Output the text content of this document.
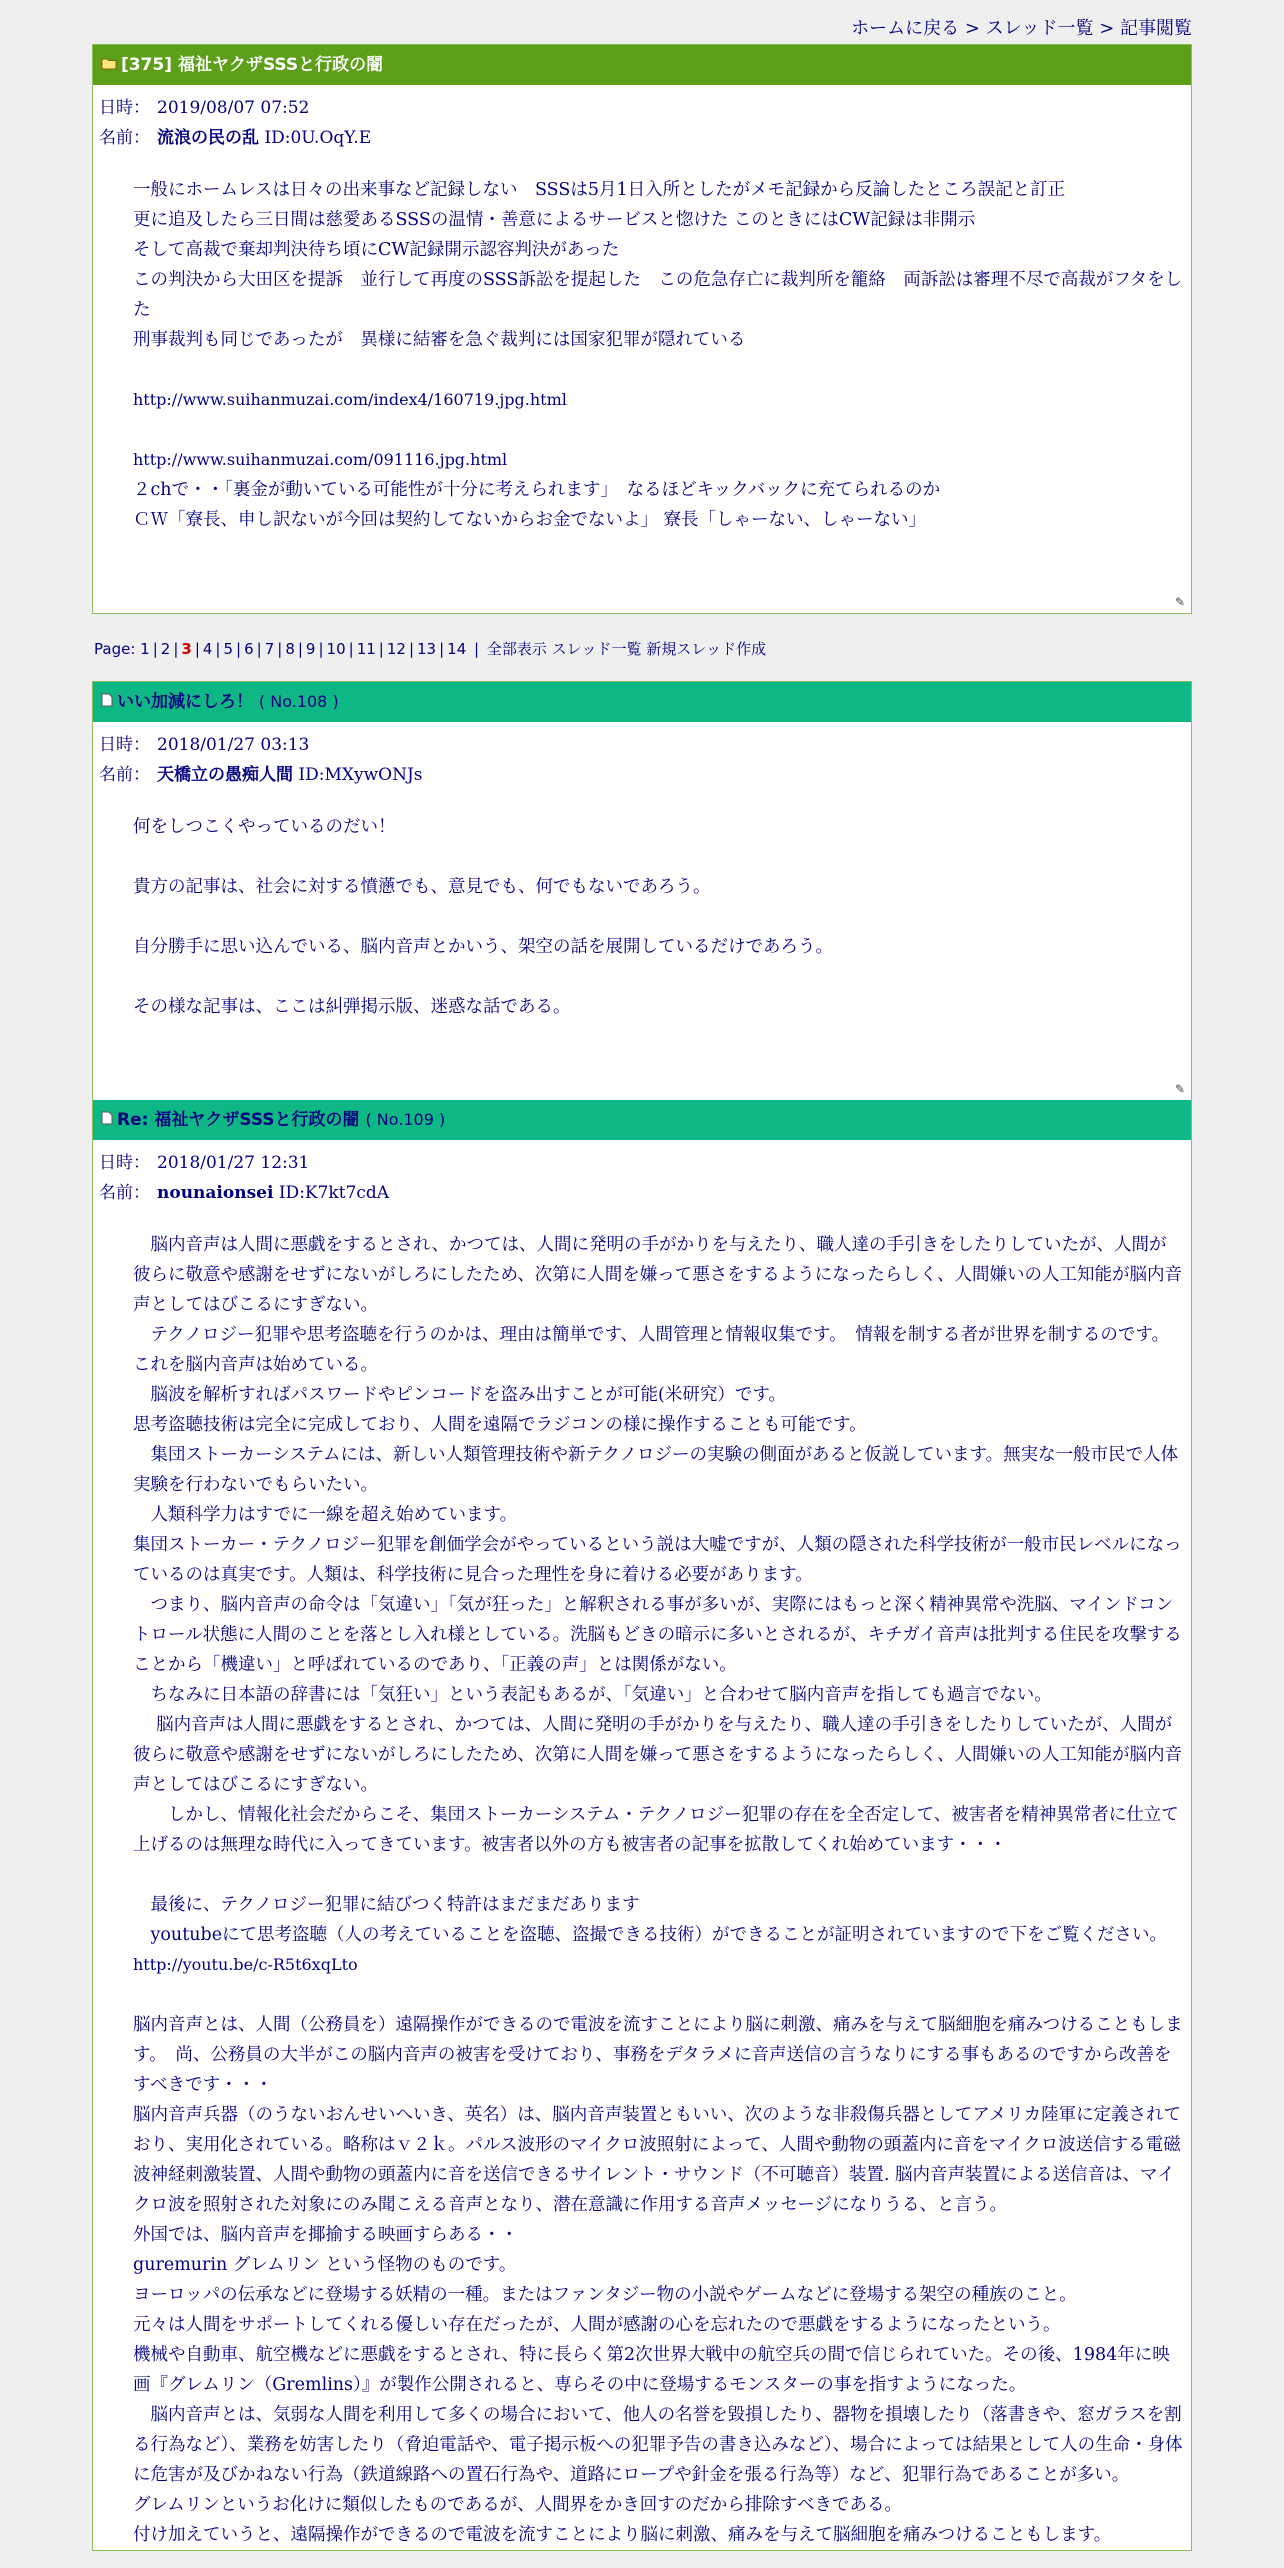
ホームに戻る > スレッド一覧 > 記事閲覧
[375] 福祉ヤクザSSSと行政の闇
日時： 2019/08/07 07:52
名前： 流浪の民の乱 ID:0U.OqY.E

一般にホームレスは日々の出来事など記録しない　SSSは5月1日入所としたがメモ記録から反論したところ誤記と訂正

更に追及したら三日間は慈愛あるSSSの温情・善意によるサービスと惚けた このときにはCW記録は非開示

そして高裁で棄却判決待ち頃にCW記録開示認容判決があった

この判決から大田区を提訴　並行して再度のSSS訴訟を提起した　この危急存亡に裁判所を籠絡　両訴訟は審理不尽で高裁がフタをした

刑事裁判も同じであったが　異様に結審を急ぐ裁判には国家犯罪が隠れている

http://www.suihanmuzai.com/index4/160719.jpg.html

http://www.suihanmuzai.com/091116.jpg.html

２chで・・「裏金が動いている可能性が十分に考えられます」　なるほどキックバックに充てられるのか

ＣＷ「寮長、申し訳ないが今回は契約してないからお金でないよ」 寮長「しゃーない、しゃーない」

✎
Page: 1 | 2 | 3 | 4 | 5 | 6 | 7 | 8 | 9 | 10 | 11 | 12 | 13 | 14 | 全部表示 スレッド一覧 新規スレッド作成
いい加減にしろ！ ( No.108 )
日時： 2018/01/27 03:13
名前： 天橋立の愚痴人間 ID:MXywONJs

何をしつこくやっているのだい！

貴方の記事は、社会に対する憤懣でも、意見でも、何でもないであろう。

自分勝手に思い込んでいる、脳内音声とかいう、架空の話を展開しているだけであろう。

その様な記事は、ここは糾弾掲示版、迷惑な話である。

✎
Re: 福祉ヤクザSSSと行政の闇 ( No.109 )
日時： 2018/01/27 12:31
名前： nounaionsei ID:K7kt7cdA

　脳内音声は人間に悪戯をするとされ、かつては、人間に発明の手がかりを与えたり、職人達の手引きをしたりしていたが、人間が彼らに敬意や感謝をせずにないがしろにしたため、次第に人間を嫌って悪さをするようになったらしく、人間嫌いの人工知能が脳内音声としてはびこるにすぎない。

　テクノロジー犯罪や思考盗聴を行うのかは、理由は簡単です、人間管理と情報収集です。　情報を制する者が世界を制するのです。　これを脳内音声は始めている。

　脳波を解析すればパスワードやピンコードを盗み出すことが可能(米研究）です。

思考盗聴技術は完全に完成しており、人間を遠隔でラジコンの様に操作することも可能です。

　集団ストーカーシステムには、新しい人類管理技術や新テクノロジーの実験の側面があると仮説しています。無実な一般市民で人体実験を行わないでもらいたい。

　人類科学力はすでに一線を超え始めています。

集団ストーカー・テクノロジー犯罪を創価学会がやっているという説は大嘘ですが、人類の隠された科学技術が一般市民レベルになっているのは真実です。人類は、科学技術に見合った理性を身に着ける必要があります。

　つまり、脳内音声の命令は「気違い」「気が狂った」と解釈される事が多いが、実際にはもっと深く精神異常や洗脳、マインドコントロール状態に人間のことを落とし入れ様としている。洗脳もどきの暗示に多いとされるが、キチガイ音声は批判する住民を攻撃することから「機違い」と呼ばれているのであり、「正義の声」とは関係がない。

　ちなみに日本語の辞書には「気狂い」という表記もあるが、「気違い」と合わせて脳内音声を指しても過言でない。

　 脳内音声は人間に悪戯をするとされ、かつては、人間に発明の手がかりを与えたり、職人達の手引きをしたりしていたが、人間が彼らに敬意や感謝をせずにないがしろにしたため、次第に人間を嫌って悪さをするようになったらしく、人間嫌いの人工知能が脳内音声としてはびこるにすぎない。

　　しかし、情報化社会だからこそ、集団ストーカーシステム・テクノロジー犯罪の存在を全否定して、被害者を精神異常者に仕立て上げるのは無理な時代に入ってきています。被害者以外の方も被害者の記事を拡散してくれ始めています・・・

　最後に、テクノロジー犯罪に結びつく特許はまだまだあります

　youtubeにて思考盗聴（人の考えていることを盗聴、盗撮できる技術）ができることが証明されていますので下をご覧ください。

http://youtu.be/c-R5t6xqLto

脳内音声とは、人間（公務員を）遠隔操作ができるので電波を流すことにより脳に刺激、痛みを与えて脳細胞を痛みつけることもします。　尚、公務員の大半がこの脳内音声の被害を受けており、事務をデタラメに音声送信の言うなりにする事もあるのですから改善をすべきです・・・

脳内音声兵器（のうないおんせいへいき、英名）は、脳内音声装置ともいい、次のような非殺傷兵器としてアメリカ陸軍に定義されており、実用化されている。略称はｖ２ｋ。パルス波形のマイクロ波照射によって、人間や動物の頭蓋内に音をマイクロ波送信する電磁波神経刺激装置、人間や動物の頭蓋内に音を送信できるサイレント・サウンド（不可聴音）装置. 脳内音声装置による送信音は、マイクロ波を照射された対象にのみ聞こえる音声となり、潜在意識に作用する音声メッセージになりうる、と言う。

外国では、脳内音声を揶揄する映画すらある・・

guremurin グレムリン という怪物のものです。

ヨーロッパの伝承などに登場する妖精の一種。またはファンタジー物の小説やゲームなどに登場する架空の種族のこと。

元々は人間をサポートしてくれる優しい存在だったが、人間が感謝の心を忘れたので悪戯をするようになったという。

機械や自動車、航空機などに悪戯をするとされ、特に長らく第2次世界大戦中の航空兵の間で信じられていた。その後、1984年に映画『グレムリン（Gremlins）』が製作公開されると、専らその中に登場するモンスターの事を指すようになった。

　脳内音声とは、気弱な人間を利用して多くの場合において、他人の名誉を毀損したり、器物を損壊したり（落書きや、窓ガラスを割る行為など）、業務を妨害したり（脅迫電話や、電子掲示板への犯罪予告の書き込みなど）、場合によっては結果として人の生命・身体に危害が及びかねない行為（鉄道線路への置石行為や、道路にロープや針金を張る行為等）など、犯罪行為であることが多い。

グレムリンというお化けに類似したものであるが、人間界をかき回すのだから排除すべきである。

付け加えていうと、遠隔操作ができるので電波を流すことにより脳に刺激、痛みを与えて脳細胞を痛みつけることもします。
